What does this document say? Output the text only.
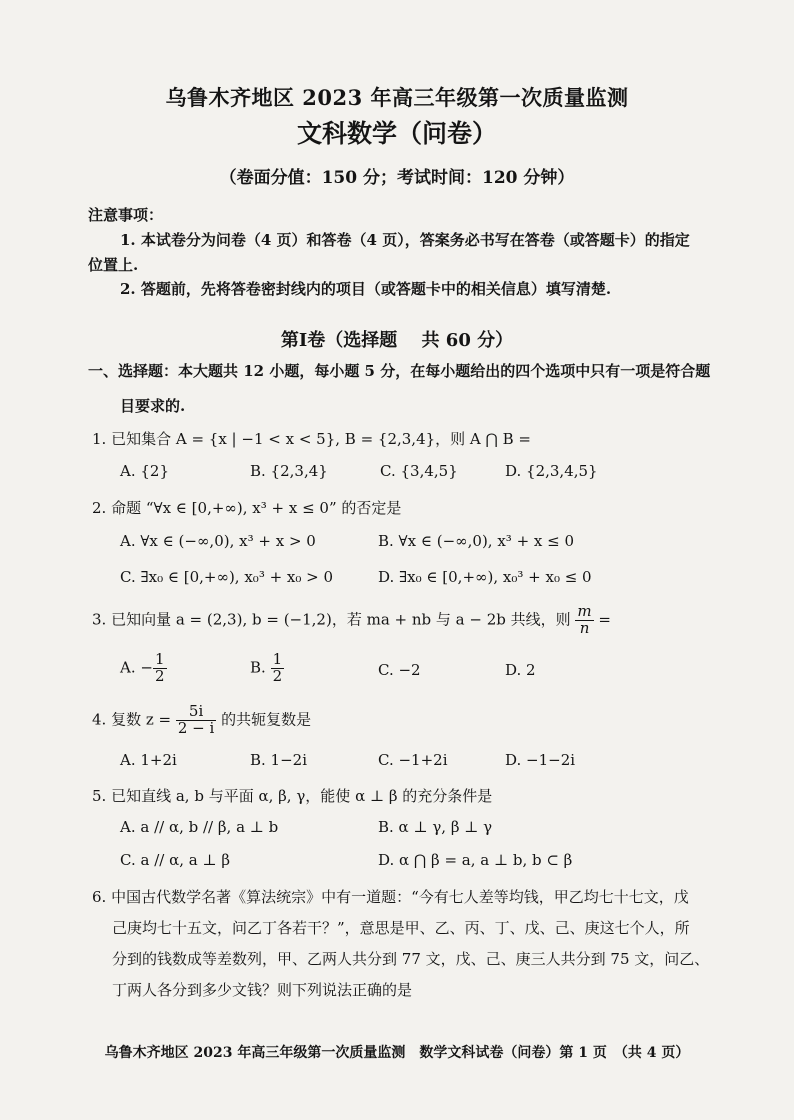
乌鲁木齐地区 2023 年高三年级第一次质量监测
文科数学（问卷）
（卷面分值：150 分；考试时间：120 分钟）
注意事项：
1. 本试卷分为问卷（4 页）和答卷（4 页），答案务必书写在答卷（或答题卡）的指定
位置上.
2. 答题前，先将答卷密封线内的项目（或答题卡中的相关信息）填写清楚.
第Ⅰ卷（选择题　 共 60 分）
一、选择题：本大题共 12 小题，每小题 5 分，在每小题给出的四个选项中只有一项是符合题
目要求的.
1. 已知集合 A = {x | −1 < x < 5}, B = {2,3,4}，则 A ⋂ B =
A. {2}	B. {2,3,4}	C. {3,4,5}	D. {2,3,4,5}
2. 命题 “∀x ∈ [0,+∞), x³ + x ≤ 0” 的否定是
A. ∀x ∈ (−∞,0), x³ + x > 0	B. ∀x ∈ (−∞,0), x³ + x ≤ 0
C. ∃x₀ ∈ [0,+∞), x₀³ + x₀ > 0	D. ∃x₀ ∈ [0,+∞), x₀³ + x₀ ≤ 0
3. 已知向量 a = (2,3), b = (−1,2)，若 ma + nb 与 a − 2b 共线，则 $\frac{m}{n}$ =
A. − $\frac{1}{2}$	B. $\frac{1}{2}$	C. −2	D. 2
4. 复数 $z = \frac{5i}{2 - i}$ 的共轭复数是
A. 1+2i	B. 1−2i	C. −1+2i	D. −1−2i
5. 已知直线 a, b 与平面 α, β, γ，能使 α ⊥ β 的充分条件是
A. a // α, b // β, a ⊥ b	B. α ⊥ γ, β ⊥ γ
C. a // α, a ⊥ β	D. α ⋂ β = a, a ⊥ b, b ⊂ β
6. 中国古代数学名著《算法统宗》中有一道题：“今有七人差等均钱，甲乙均七十七文，戊
己庚均七十五文，问乙丁各若干？”，意思是甲、乙、丙、丁、戊、己、庚这七个人，所
分到的钱数成等差数列，甲、乙两人共分到 77 文，戊、己、庚三人共分到 75 文，问乙、
丁两人各分到多少文钱？则下列说法正确的是
乌鲁木齐地区 2023 年高三年级第一次质量监测　数学文科试卷（问卷）第 1 页　（共 4 页）
